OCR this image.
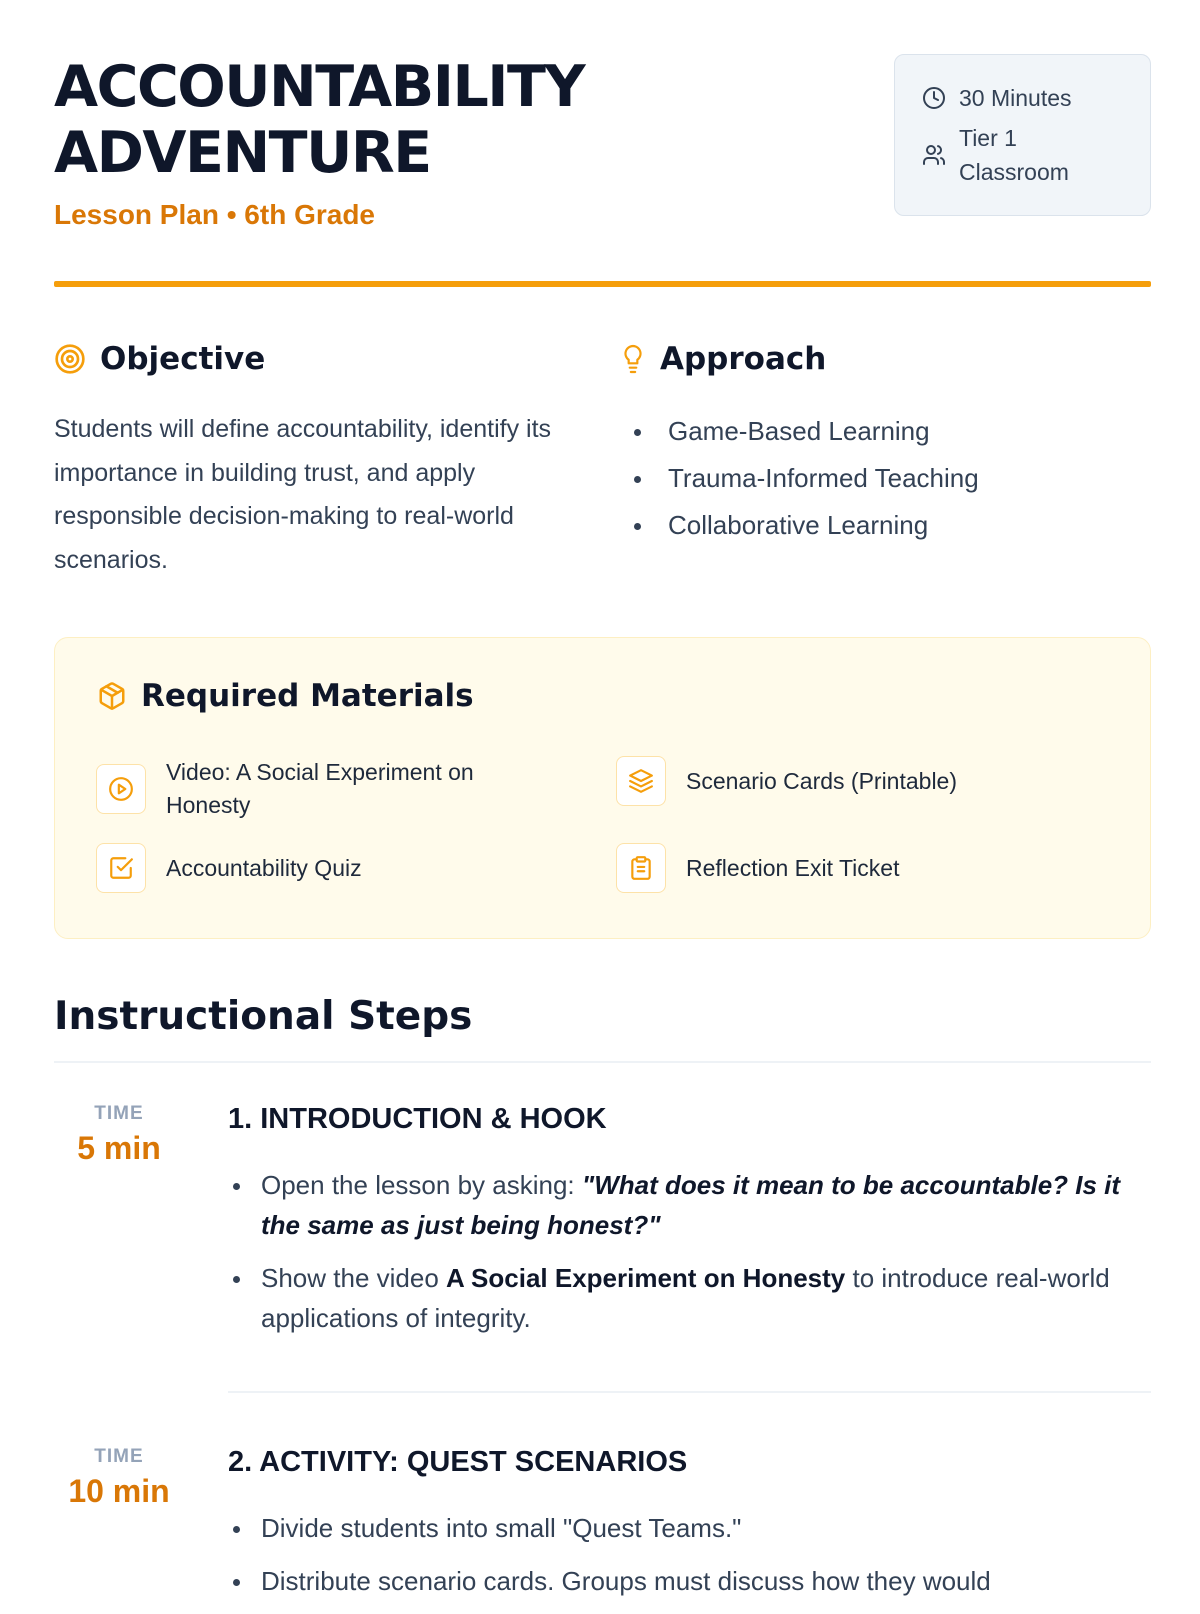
ACCOUNTABILITY
ADVENTURE
Lesson Plan • 6th Grade
30 Minutes
Tier 1
Classroom
Objective

Students will define accountability, identify its importance in building trust, and apply responsible decision-making to real-world scenarios.

Approach
Game-Based Learning
Trauma-Informed Teaching
Collaborative Learning
Required Materials
Video: A Social Experiment on Honesty
Scenario Cards (Printable)
Accountability Quiz	Reflection Exit Ticket
Instructional Steps
TIME
5 min
1. INTRODUCTION & HOOK
Open the lesson by asking: "What does it mean to be accountable? Is it the same as just being honest?"
Show the video A Social Experiment on Honesty to introduce real-world applications of integrity.
TIME
10 min
2. ACTIVITY: QUEST SCENARIOS
Divide students into small "Quest Teams."
Distribute scenario cards. Groups must discuss how they would
